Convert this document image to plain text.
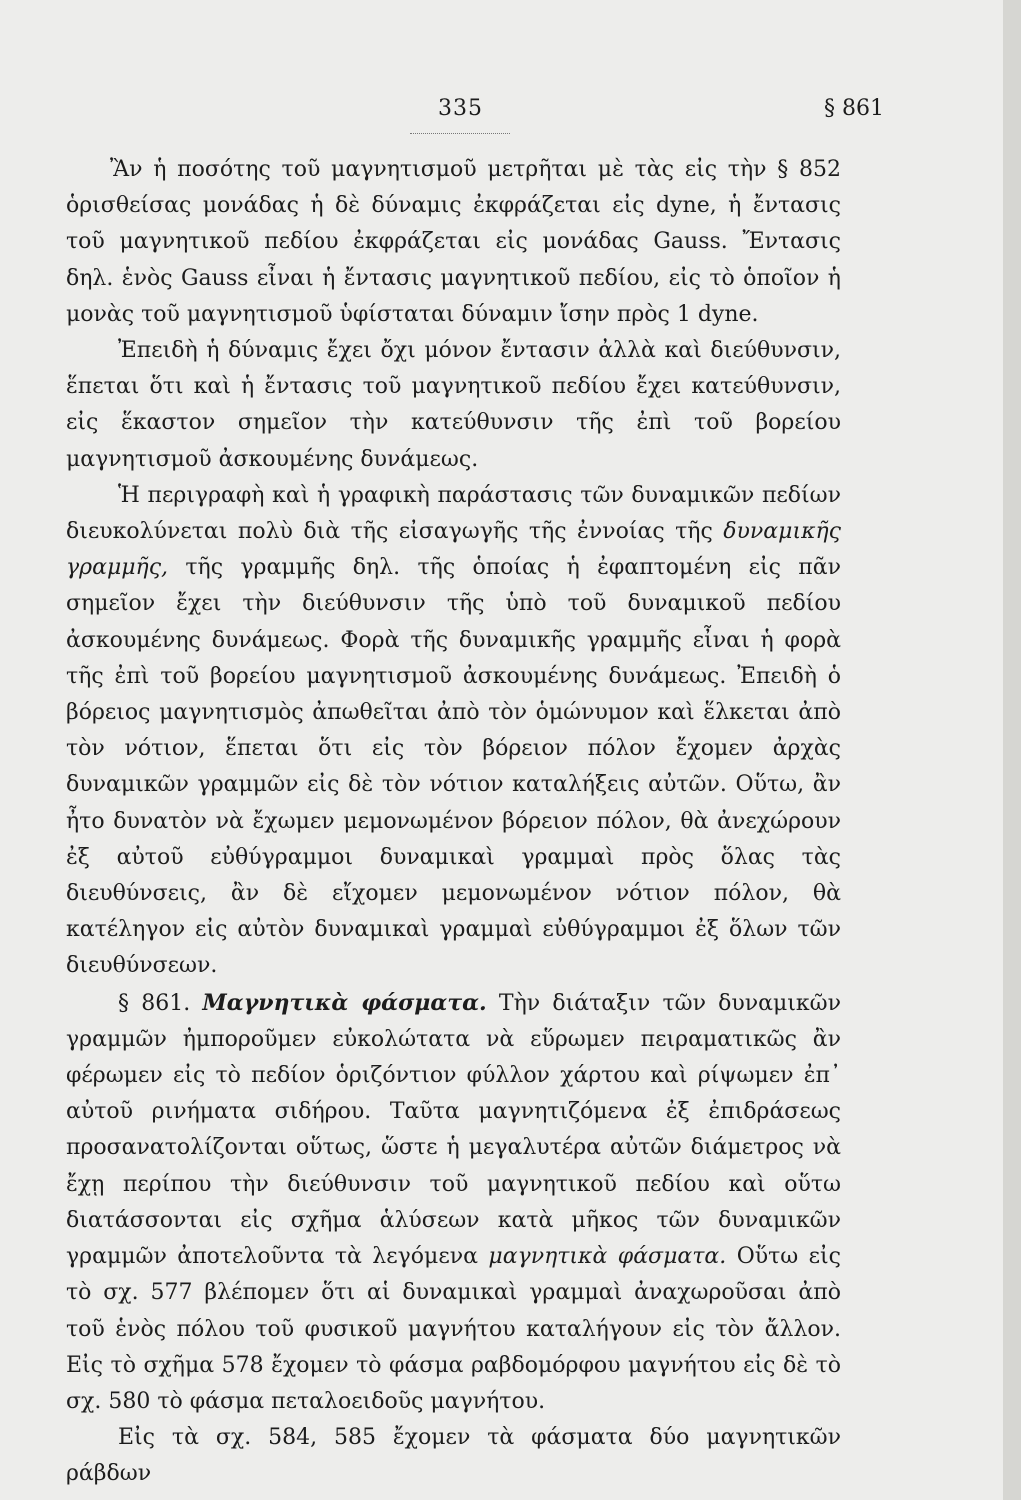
335	§ 861

Ἂν ἡ ποσότης τοῦ μαγνητισμοῦ μετρῆται μὲ τὰς εἰς τὴν § 852 ὁρισθείσας μονάδας ἡ δὲ δύναμις ἐκφράζεται εἰς dyne, ἡ ἔντασις τοῦ μαγνητικοῦ πεδίου ἐκφράζεται εἰς μονάδας Gauss. Ἔντασις δηλ. ἑνὸς Gauss εἶναι ἡ ἔντασις μαγνητικοῦ πεδίου, εἰς τὸ ὁποῖον ἡ μονὰς τοῦ μαγνητισμοῦ ὑφίσταται δύναμιν ἴσην πρὸς 1 dyne.

Ἐπειδὴ ἡ δύναμις ἔχει ὄχι μόνον ἔντασιν ἀλλὰ καὶ διεύθυνσιν, ἕπεται ὅτι καὶ ἡ ἔντασις τοῦ μαγνητικοῦ πεδίου ἔχει κατεύθυνσιν, εἰς ἕκαστον σημεῖον τὴν κατεύθυνσιν τῆς ἐπὶ τοῦ βορείου μαγνητισμοῦ ἀσκουμένης δυνάμεως.

Ἡ περιγραφὴ καὶ ἡ γραφικὴ παράστασις τῶν δυναμικῶν πεδίων διευκολύνεται πολὺ διὰ τῆς εἰσαγωγῆς τῆς ἐννοίας τῆς δυναμικῆς γραμμῆς, τῆς γραμμῆς δηλ. τῆς ὁποίας ἡ ἐφαπτομένη εἰς πᾶν σημεῖον ἔχει τὴν διεύθυνσιν τῆς ὑπὸ τοῦ δυναμικοῦ πεδίου ἀσκουμένης δυνάμεως. Φορὰ τῆς δυναμικῆς γραμμῆς εἶναι ἡ φορὰ τῆς ἐπὶ τοῦ βορείου μαγνητισμοῦ ἀσκουμένης δυνάμεως. Ἐπειδὴ ὁ βόρειος μαγνητισμὸς ἀπωθεῖται ἀπὸ τὸν ὁμώνυμον καὶ ἕλκεται ἀπὸ τὸν νότιον, ἕπεται ὅτι εἰς τὸν βόρειον πόλον ἔχομεν ἀρχὰς δυναμικῶν γραμμῶν εἰς δὲ τὸν νότιον καταλήξεις αὐτῶν. Οὕτω, ἂν ἦτο δυνατὸν νὰ ἔχωμεν μεμονωμένον βόρειον πόλον, θὰ ἀνεχώρουν ἐξ αὐτοῦ εὐθύγραμμοι δυναμικαὶ γραμμαὶ πρὸς ὅλας τὰς διευθύνσεις, ἂν δὲ εἴχομεν μεμονωμένον νότιον πόλον, θὰ κατέληγον εἰς αὐτὸν δυναμικαὶ γραμμαὶ εὐθύγραμμοι ἐξ ὅλων τῶν διευθύνσεων.

§ 861. Μαγνητικὰ φάσματα. Τὴν διάταξιν τῶν δυναμικῶν γραμμῶν ἠμποροῦμεν εὐκολώτατα νὰ εὕρωμεν πειραματικῶς ἂν φέρωμεν εἰς τὸ πεδίον ὁριζόντιον φύλλον χάρτου καὶ ρίψωμεν ἐπ᾿ αὐτοῦ ρινήματα σιδήρου. Ταῦτα μαγνητιζόμενα ἐξ ἐπιδράσεως προσανατολίζονται οὕτως, ὥστε ἡ μεγαλυτέρα αὐτῶν διάμετρος νὰ ἔχῃ περίπου τὴν διεύθυνσιν τοῦ μαγνητικοῦ πεδίου καὶ οὕτω διατάσσονται εἰς σχῆμα ἁλύσεων κατὰ μῆκος τῶν δυναμικῶν γραμμῶν ἀποτελοῦντα τὰ λεγόμενα μαγνητικὰ φάσματα. Οὕτω εἰς τὸ σχ. 577 βλέπομεν ὅτι αἱ δυναμικαὶ γραμμαὶ ἀναχωροῦσαι ἀπὸ τοῦ ἑνὸς πόλου τοῦ φυσικοῦ μαγνήτου καταλήγουν εἰς τὸν ἄλλον. Εἰς τὸ σχῆμα 578 ἔχομεν τὸ φάσμα ραβδομόρφου μαγνήτου εἰς δὲ τὸ σχ. 580 τὸ φάσμα πεταλοειδοῦς μαγνήτου.

Εἰς τὰ σχ. 584, 585 ἔχομεν τὰ φάσματα δύο μαγνητικῶν ράβδων
